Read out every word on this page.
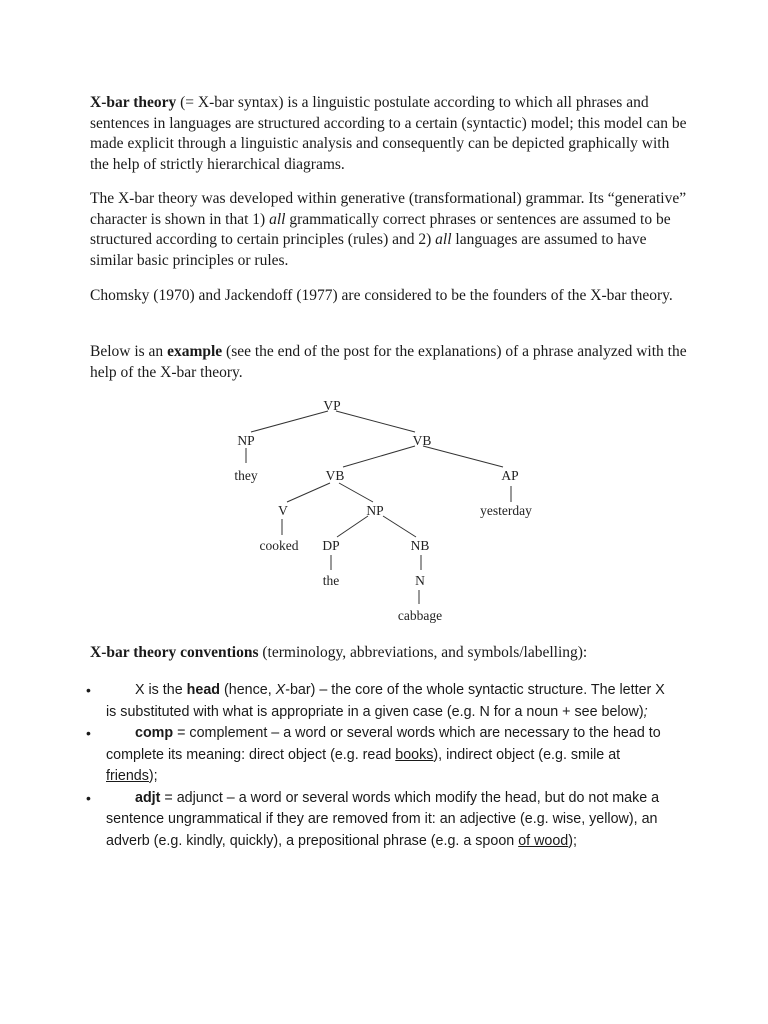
X-bar theory (= X-bar syntax) is a linguistic postulate according to which all phrases and sentences in languages are structured according to a certain (syntactic) model; this model can be made explicit through a linguistic analysis and consequently can be depicted graphically with the help of strictly hierarchical diagrams.

The X-bar theory was developed within generative (transformational) grammar. Its “generative” character is shown in that 1) all grammatically correct phrases or sentences are assumed to be structured according to certain principles (rules) and 2) all languages are assumed to have similar basic principles or rules.

Chomsky (1970) and Jackendoff (1977) are considered to be the founders of the X-bar theory.

Below is an example (see the end of the post for the explanations) of a phrase analyzed with the help of the X-bar theory.

VP
NP	VB
they	VB	AP
V	NP	yesterday
cooked DP	NB
the	N
cabbage

X-bar theory conventions (terminology, abbreviations, and symbols/labelling):

•	X is the head (hence, X-bar) – the core of the whole syntactic structure. The letter X is substituted with what is appropriate in a given case (e.g. N for a noun + see below);
•	comp = complement – a word or several words which are necessary to the head to complete its meaning: direct object (e.g. read books), indirect object (e.g. smile at friends);
•	adjt = adjunct – a word or several words which modify the head, but do not make a sentence ungrammatical if they are removed from it: an adjective (e.g. wise, yellow), an adverb (e.g. kindly, quickly), a prepositional phrase (e.g. a spoon of wood);
